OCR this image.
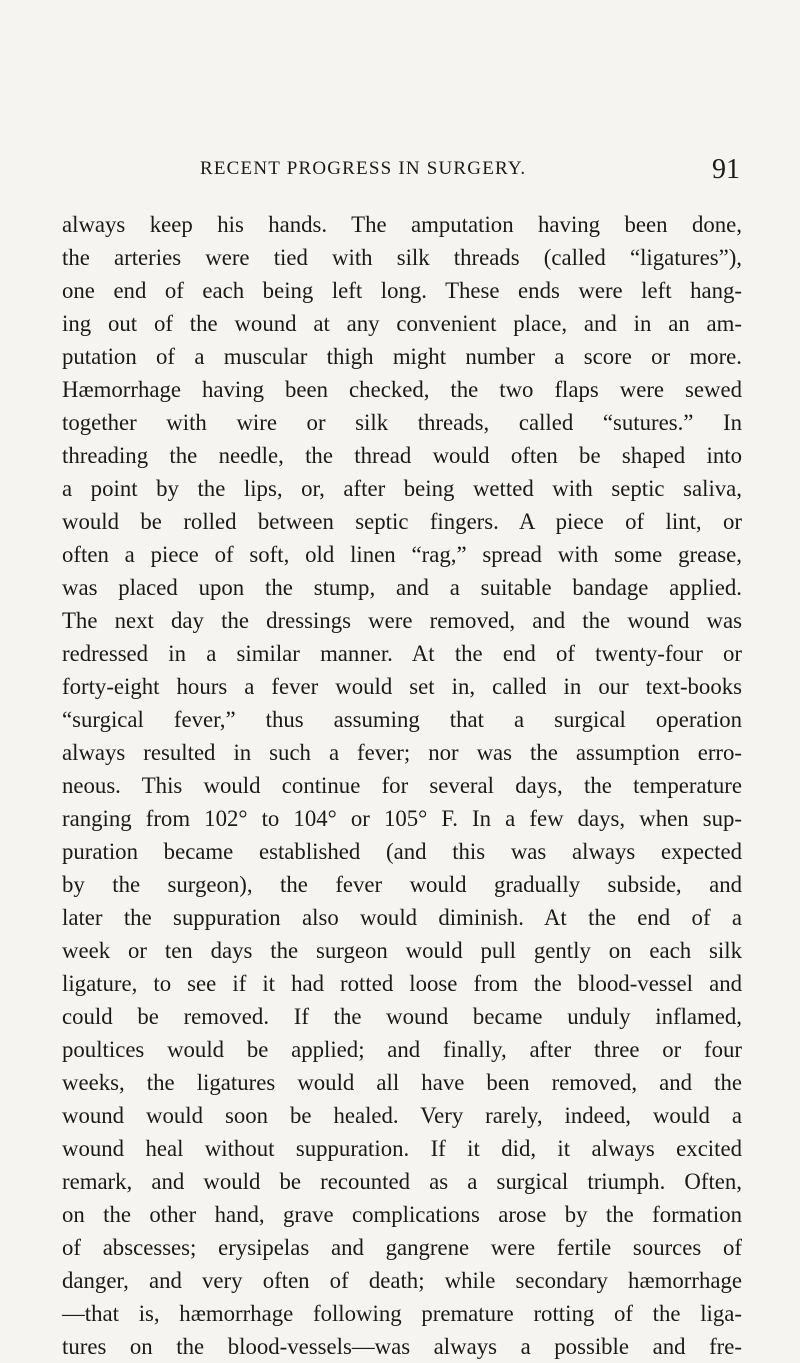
RECENT PROGRESS IN SURGERY.	91
always keep his hands. The amputation having been done,
the arteries were tied with silk threads (called “ligatures”),
one end of each being left long. These ends were left hang-
ing out of the wound at any convenient place, and in an am-
putation of a muscular thigh might number a score or more.
Hæmorrhage having been checked, the two flaps were sewed
together with wire or silk threads, called “sutures.” In
threading the needle, the thread would often be shaped into
a point by the lips, or, after being wetted with septic saliva,
would be rolled between septic fingers. A piece of lint, or
often a piece of soft, old linen “rag,” spread with some grease,
was placed upon the stump, and a suitable bandage applied.
The next day the dressings were removed, and the wound was
redressed in a similar manner. At the end of twenty-four or
forty-eight hours a fever would set in, called in our text-books
“surgical fever,” thus assuming that a surgical operation
always resulted in such a fever; nor was the assumption erro-
neous. This would continue for several days, the temperature
ranging from 102° to 104° or 105° F. In a few days, when sup-
puration became established (and this was always expected
by the surgeon), the fever would gradually subside, and
later the suppuration also would diminish. At the end of a
week or ten days the surgeon would pull gently on each silk
ligature, to see if it had rotted loose from the blood-vessel and
could be removed. If the wound became unduly inflamed,
poultices would be applied; and finally, after three or four
weeks, the ligatures would all have been removed, and the
wound would soon be healed. Very rarely, indeed, would a
wound heal without suppuration. If it did, it always excited
remark, and would be recounted as a surgical triumph. Often,
on the other hand, grave complications arose by the formation
of abscesses; erysipelas and gangrene were fertile sources of
danger, and very often of death; while secondary hæmorrhage
—that is, hæmorrhage following premature rotting of the liga-
tures on the blood-vessels—was always a possible and fre-
